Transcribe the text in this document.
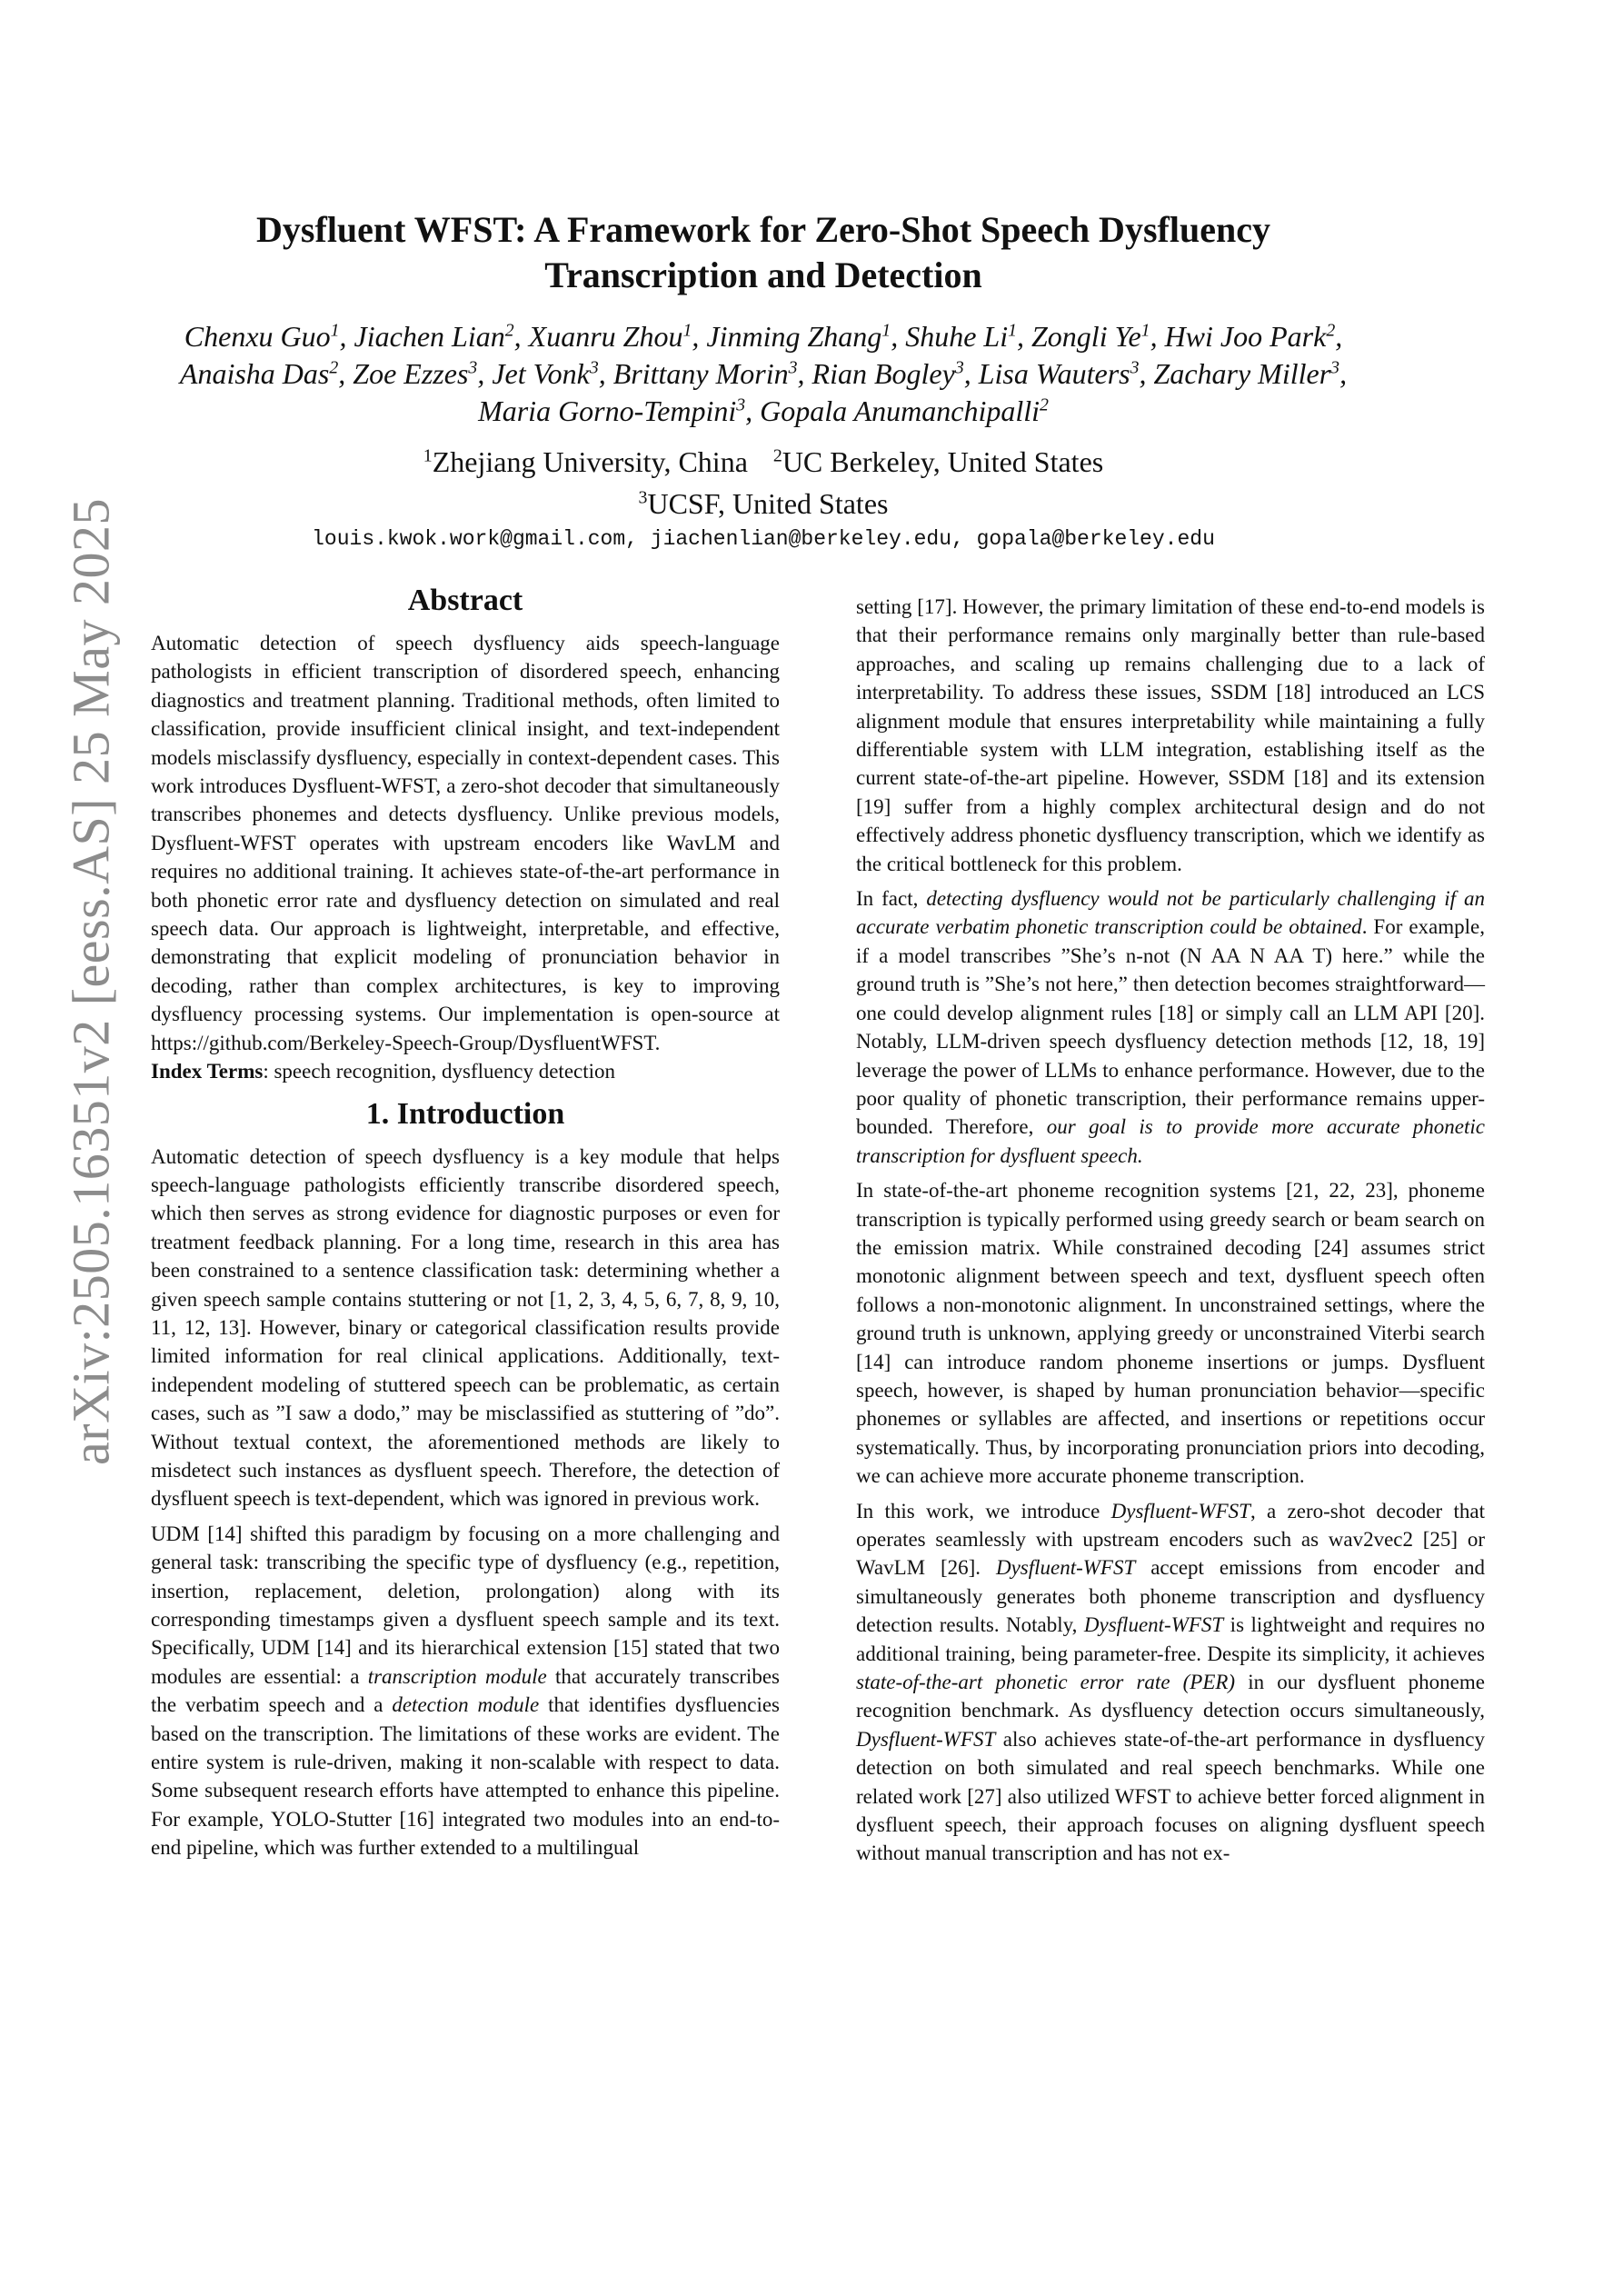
arXiv:2505.16351v2 [eess.AS] 25 May 2025
Dysfluent WFST: A Framework for Zero-Shot Speech Dysfluency
Transcription and Detection

Chenxu Guo$^1$, Jiachen Lian$^2$, Xuanru Zhou$^1$, Jinming Zhang$^1$, Shuhe Li$^1$, Zongli Ye$^1$, Hwi Joo Park$^2$, Anaisha Das$^2$, Zoe Ezzes$^3$, Jet Vonk$^3$, Brittany Morin$^3$, Rian Bogley$^3$, Lisa Wauters$^3$, Zachary Miller$^3$, Maria Gorno-Tempini$^3$, Gopala Anumanchipalli$^2$

$^1$Zhejiang University, China $^2$UC Berkeley, United States
$^3$UCSF, United States

louis.kwok.work@gmail.com, jiachenlian@berkeley.edu, gopala@berkeley.edu

Abstract

Automatic detection of speech dysfluency aids speech-language pathologists in efficient transcription of disordered speech, enhancing diagnostics and treatment planning. Traditional methods, often limited to classification, provide insufficient clinical insight, and text-independent models misclassify dysfluency, especially in context-dependent cases. This work introduces Dysfluent-WFST, a zero-shot decoder that simultaneously transcribes phonemes and detects dysfluency. Unlike previous models, Dysfluent-WFST operates with upstream encoders like WavLM and requires no additional training. It achieves state-of-the-art performance in both phonetic error rate and dysfluency detection on simulated and real speech data. Our approach is lightweight, interpretable, and effective, demonstrating that explicit modeling of pronunciation behavior in decoding, rather than complex architectures, is key to improving dysfluency processing systems. Our implementation is open-source at https://github.com/Berkeley-Speech-Group/DysfluentWFST.
Index Terms: speech recognition, dysfluency detection

1. Introduction

Automatic detection of speech dysfluency is a key module that helps speech-language pathologists efficiently transcribe disordered speech, which then serves as strong evidence for diagnostic purposes or even for treatment feedback planning. For a long time, research in this area has been constrained to a sentence classification task: determining whether a given speech sample contains stuttering or not [1, 2, 3, 4, 5, 6, 7, 8, 9, 10, 11, 12, 13]. However, binary or categorical classification results provide limited information for real clinical applications. Additionally, text-independent modeling of stuttered speech can be problematic, as certain cases, such as ”I saw a dodo,” may be misclassified as stuttering of ”do”. Without textual context, the aforementioned methods are likely to misdetect such instances as dysfluent speech. Therefore, the detection of dysfluent speech is text-dependent, which was ignored in previous work.

UDM [14] shifted this paradigm by focusing on a more challenging and general task: transcribing the specific type of dysfluency (e.g., repetition, insertion, replacement, deletion, prolongation) along with its corresponding timestamps given a dysfluent speech sample and its text. Specifically, UDM [14] and its hierarchical extension [15] stated that two modules are essential: a transcription module that accurately transcribes the verbatim speech and a detection module that identifies dysfluencies based on the transcription. The limitations of these works are evident. The entire system is rule-driven, making it non-scalable with respect to data. Some subsequent research efforts have attempted to enhance this pipeline. For example, YOLO-Stutter [16] integrated two modules into an end-to-end pipeline, which was further extended to a multilingual

setting [17]. However, the primary limitation of these end-to-end models is that their performance remains only marginally better than rule-based approaches, and scaling up remains challenging due to a lack of interpretability. To address these issues, SSDM [18] introduced an LCS alignment module that ensures interpretability while maintaining a fully differentiable system with LLM integration, establishing itself as the current state-of-the-art pipeline. However, SSDM [18] and its extension [19] suffer from a highly complex architectural design and do not effectively address phonetic dysfluency transcription, which we identify as the critical bottleneck for this problem.

In fact, detecting dysfluency would not be particularly challenging if an accurate verbatim phonetic transcription could be obtained. For example, if a model transcribes ”She’s n-not (N AA N AA T) here.” while the ground truth is ”She’s not here,” then detection becomes straightforward—one could develop alignment rules [18] or simply call an LLM API [20]. Notably, LLM-driven speech dysfluency detection methods [12, 18, 19] leverage the power of LLMs to enhance performance. However, due to the poor quality of phonetic transcription, their performance remains upper-bounded. Therefore, our goal is to provide more accurate phonetic transcription for dysfluent speech.

In state-of-the-art phoneme recognition systems [21, 22, 23], phoneme transcription is typically performed using greedy search or beam search on the emission matrix. While constrained decoding [24] assumes strict monotonic alignment between speech and text, dysfluent speech often follows a non-monotonic alignment. In unconstrained settings, where the ground truth is unknown, applying greedy or unconstrained Viterbi search [14] can introduce random phoneme insertions or jumps. Dysfluent speech, however, is shaped by human pronunciation behavior—specific phonemes or syllables are affected, and insertions or repetitions occur systematically. Thus, by incorporating pronunciation priors into decoding, we can achieve more accurate phoneme transcription.

In this work, we introduce Dysfluent-WFST, a zero-shot decoder that operates seamlessly with upstream encoders such as wav2vec2 [25] or WavLM [26]. Dysfluent-WFST accept emissions from encoder and simultaneously generates both phoneme transcription and dysfluency detection results. Notably, Dysfluent-WFST is lightweight and requires no additional training, being parameter-free. Despite its simplicity, it achieves state-of-the-art phonetic error rate (PER) in our dysfluent phoneme recognition benchmark. As dysfluency detection occurs simultaneously, Dysfluent-WFST also achieves state-of-the-art performance in dysfluency detection on both simulated and real speech benchmarks. While one related work [27] also utilized WFST to achieve better forced alignment in dysfluent speech, their approach focuses on aligning dysfluent speech without manual transcription and has not ex-
